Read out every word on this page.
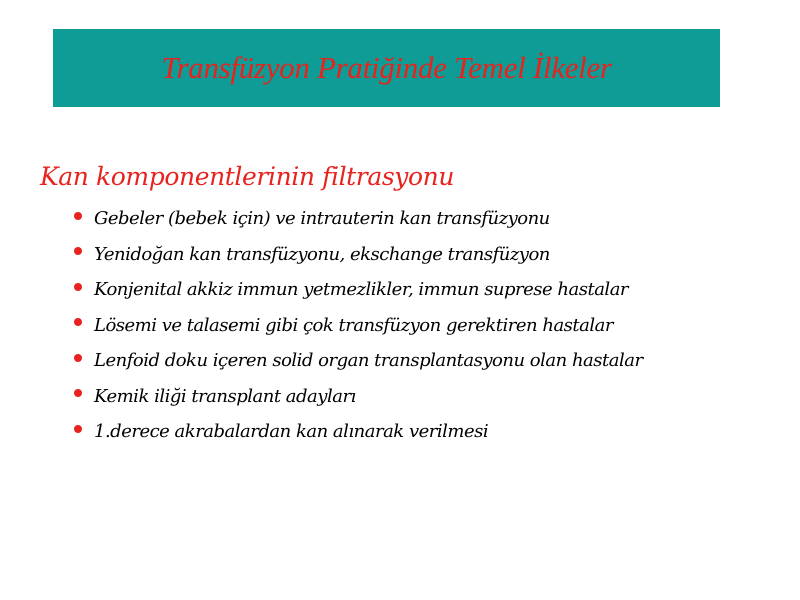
Transfüzyon Pratiğinde Temel İlkeler
Kan komponentlerinin filtrasyonu
Gebeler (bebek için) ve intrauterin kan transfüzyonu
Yenidoğan kan transfüzyonu, ekschange transfüzyon
Konjenital akkiz immun yetmezlikler, immun suprese hastalar
Lösemi ve talasemi gibi çok transfüzyon gerektiren hastalar
Lenfoid doku içeren solid organ transplantasyonu olan hastalar
Kemik iliği transplant adayları
1.derece akrabalardan kan alınarak verilmesi
